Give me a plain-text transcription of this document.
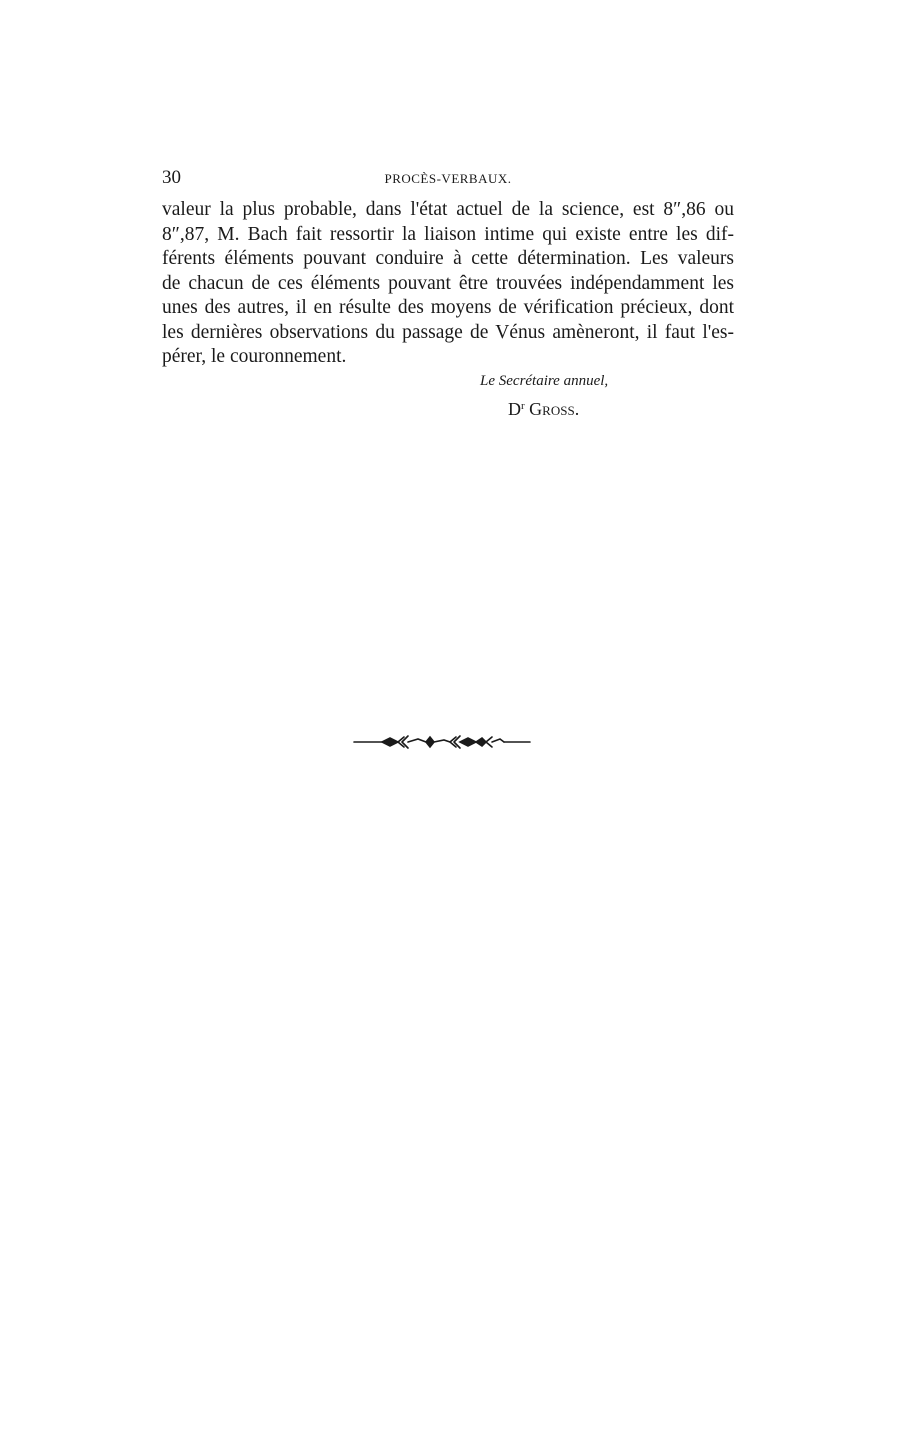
30	PROCÈS-VERBAUX.
valeur la plus probable, dans l'état actuel de la science, est 8″,86 ou
8″,87, M. Bach fait ressortir la liaison intime qui existe entre les dif-
férents éléments pouvant conduire à cette détermination. Les valeurs
de chacun de ces éléments pouvant être trouvées indépendamment les
unes des autres, il en résulte des moyens de vérification précieux, dont
les dernières observations du passage de Vénus amèneront, il faut l'es-
pérer, le couronnement.
Le Secrétaire annuel,
$D^r$ Gross.
